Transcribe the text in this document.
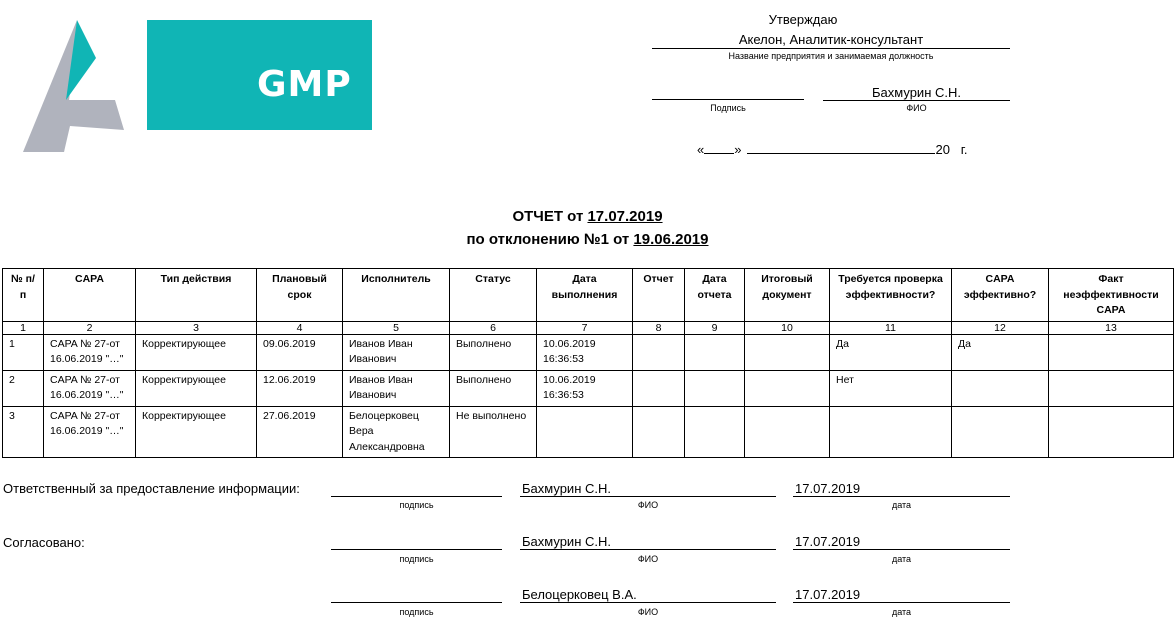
GMP
Утверждаю
Акелон, Аналитик-консультант
Название предприятия и занимаемая должность
Подпись
Бахмурин С.Н.
ФИО
« »	20 г.
ОТЧЕТ от 17.07.2019
по отклонению №1 от 19.06.2019
№ п/п	CAPA	Тип действия	Плановый срок	Исполнитель	Статус	Дата выполнения	Отчет	Дата отчета	Итоговый документ	Требуется проверка эффективности?	CAPA эффективно?	Факт неэффективности CAPA
1	2	3	4	5	6	7	8	9	10	11	12	13
1	CAPA № 27-от 16.06.2019 "…"	Корректирующее	09.06.2019	Иванов Иван Иванович	Выполнено	10.06.2019 16:36:53				Да	Да	
2	CAPA № 27-от 16.06.2019 "…"	Корректирующее	12.06.2019	Иванов Иван Иванович	Выполнено	10.06.2019 16:36:53				Нет		
3	CAPA № 27-от 16.06.2019 "…"	Корректирующее	27.06.2019	Белоцерковец Вера Александровна	Не выполнено							
Ответственный за предоставление информации:
подпись
Бахмурин С.Н.
ФИО
17.07.2019
дата
Согласовано:
подпись
Бахмурин С.Н.
ФИО
17.07.2019
дата
подпись
Белоцерковец В.А.
ФИО
17.07.2019
дата
